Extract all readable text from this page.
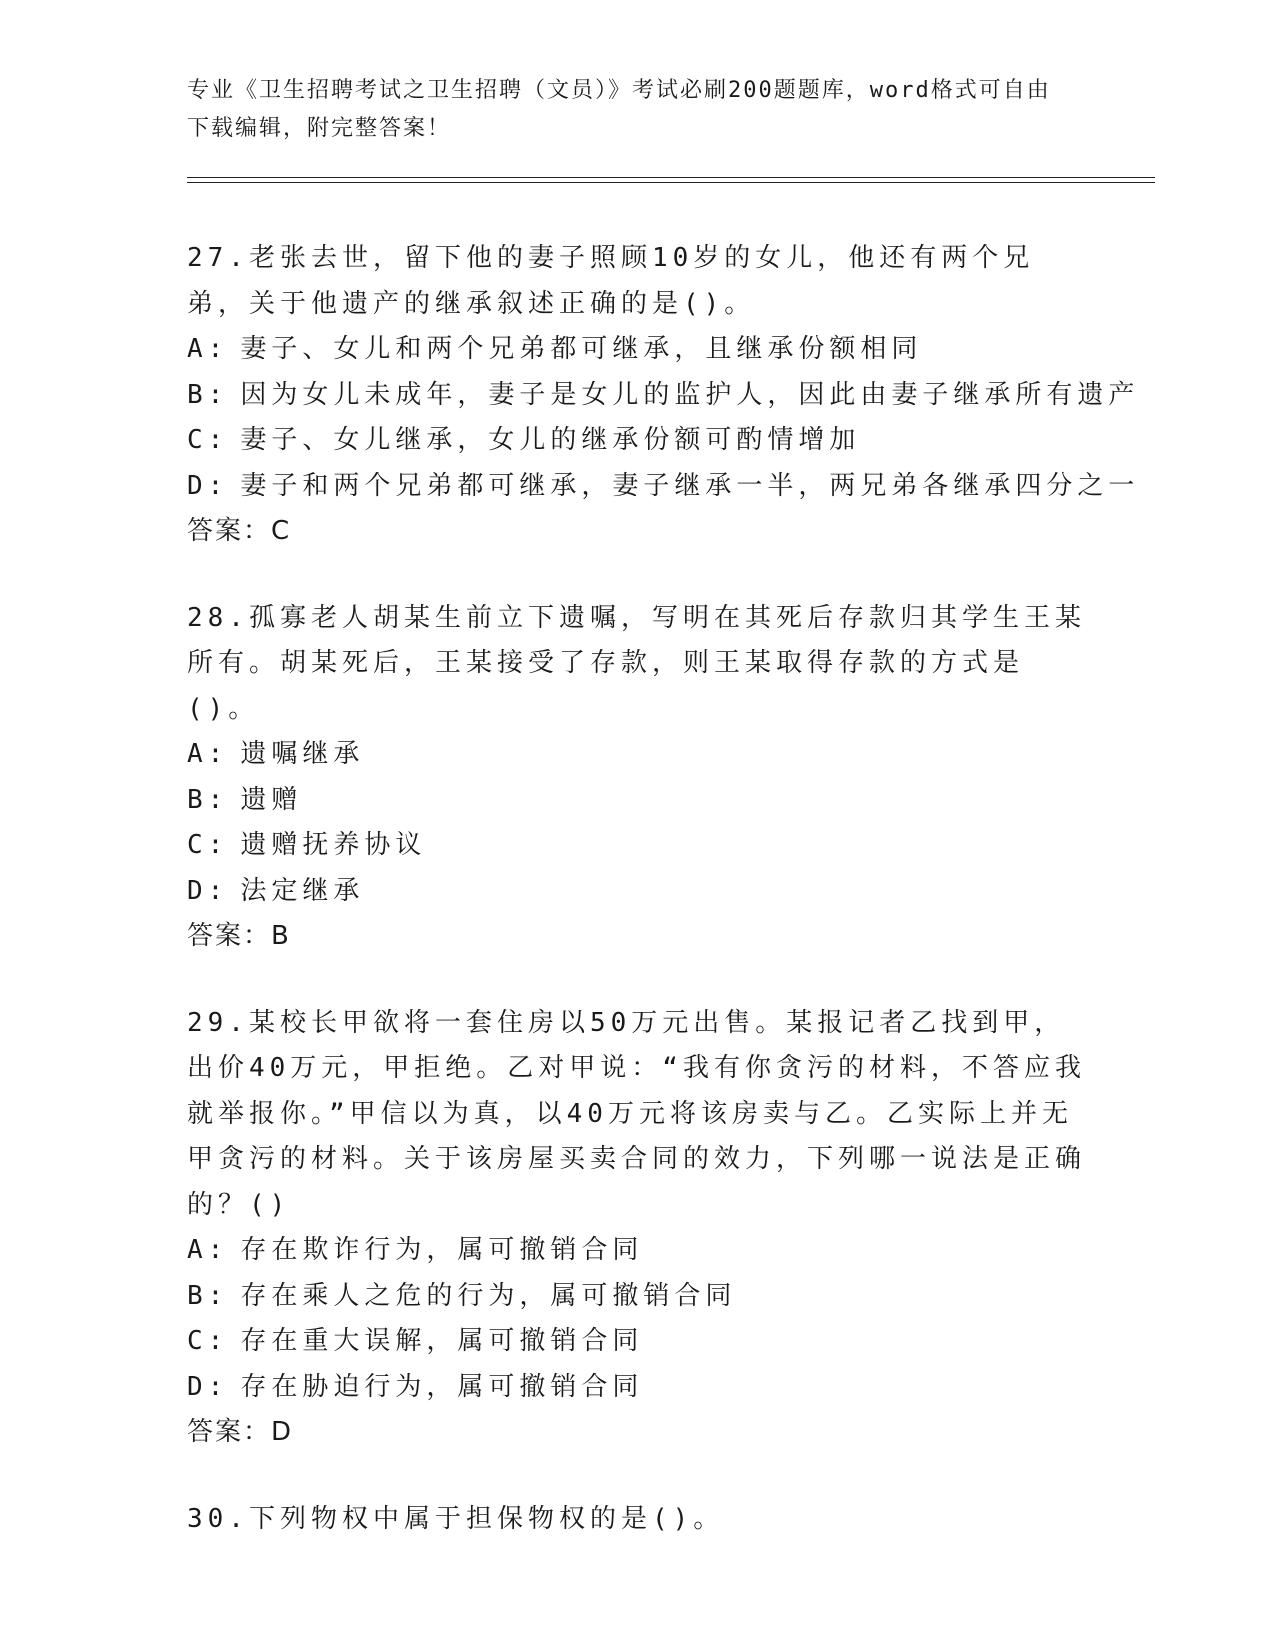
专业《卫生招聘考试之卫生招聘（文员）》考试必刷200题题库，word格式可自由下载编辑，附完整答案！
27.老张去世，留下他的妻子照顾10岁的女儿，他还有两个兄弟，关于他遗产的继承叙述正确的是()。
A: 妻子、女儿和两个兄弟都可继承，且继承份额相同
B: 因为女儿未成年，妻子是女儿的监护人，因此由妻子继承所有遗产
C: 妻子、女儿继承，女儿的继承份额可酌情增加
D: 妻子和两个兄弟都可继承，妻子继承一半，两兄弟各继承四分之一
答案：C
28.孤寡老人胡某生前立下遗嘱，写明在其死后存款归其学生王某所有。胡某死后，王某接受了存款，则王某取得存款的方式是()。
A: 遗嘱继承
B: 遗赠
C: 遗赠抚养协议
D: 法定继承
答案：B
29.某校长甲欲将一套住房以50万元出售。某报记者乙找到甲，出价40万元，甲拒绝。乙对甲说：“我有你贪污的材料，不答应我就举报你。”甲信以为真，以40万元将该房卖与乙。乙实际上并无甲贪污的材料。关于该房屋买卖合同的效力，下列哪一说法是正确的？()
A: 存在欺诈行为，属可撤销合同
B: 存在乘人之危的行为，属可撤销合同
C: 存在重大误解，属可撤销合同
D: 存在胁迫行为，属可撤销合同
答案：D
30.下列物权中属于担保物权的是()。
